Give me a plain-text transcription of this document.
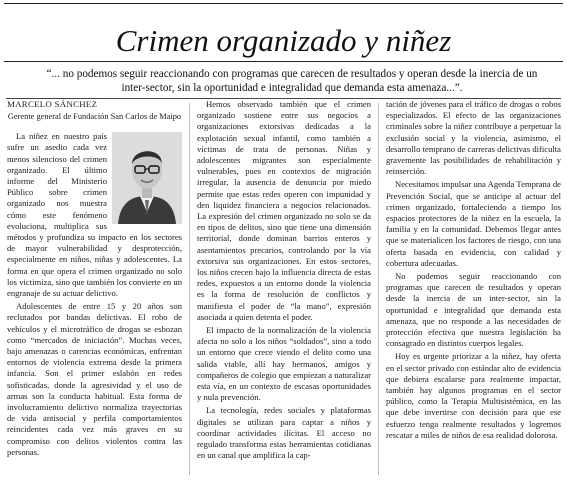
Crimen organizado y niñez
“... no podemos seguir reaccionando con programas que carecen de resultados y operan desde la inercia de un inter-sector, sin la oportunidad e integralidad que demanda esta amenaza...”.
MARCELO SÁNCHEZ
Gerente general de Fundación San Carlos de Maipo

La niñez en nuestro país sufre un asedio cada vez menos silencioso del crimen organizado. El último informe del Ministerio Público sobre crimen organizado nos muestra cómo este fenómeno evoluciona, multiplica sus métodos y profundiza su impacto en los sectores de mayor vulnerabilidad y desprotección, especialmente en niños, niñas y adolescentes. La forma en que opera el crimen organizado no solo los victimiza, sino que también los convierte en un engranaje de su actuar delictivo.

Adolescentes de entre 15 y 20 años son reclutados por bandas delictivas. El robo de vehículos y el microtráfico de drogas se esbozan como “mercados de iniciación”. Muchas veces, bajo amenazas o carencias económicas, enfrentan entornos de violencia extrema desde la primera infancia. Son el primer eslabón en redes sofisticadas, donde la agresividad y el uso de armas son la conducta habitual. Esta forma de involucramiento delictivo normaliza trayectorias de vida antisocial y perfila comportamientos reincidentes cada vez más graves en su compromiso con delitos violentos contra las personas.

Hemos observado también que el crimen organizado sostiene entre sus negocios a organizaciones extorsivas dedicadas a la explotación sexual infantil, como también a víctimas de trata de personas. Niñas y adolescentes migrantes son especialmente vulnerables, pues en contextos de migración irregular, la ausencia de denuncia por miedo permite que estas redes operen con impunidad y den liquidez financiera a negocios relacionados. La expresión del crimen organizado no solo se da en tipos de delitos, sino que tiene una dimensión territorial, donde dominan barrios enteros y asentamientos precarios, controlando por la vía extorsiva sus organizaciones. En estos sectores, los niños crecen bajo la influencia directa de estas redes, expuestos a un entorno donde la violencia es la forma de resolución de conflictos y manifiesta el poder de “la mano”, expresión asociada a quien detenta el poder.

El impacto de la normalización de la violencia afecta no solo a los niños “soldados”, sino a todo un entorno que crece viendo el delito como una salida viable, allí hay hermanos, amigos y compañeros de colegio que empiezan a naturalizar esta vía, en un contexto de escasas oportunidades y nula prevención.

La tecnología, redes sociales y plataformas digitales se utilizan para captar a niños y coordinar actividades ilícitas. El acceso no regulado transforma estas herramientas cotidianas en un canal que amplifica la cap-

tación de jóvenes para el tráfico de drogas o robos especializados. El efecto de las organizaciones criminales sobre la niñez contribuye a perpetuar la exclusión social y la violencia, asimismo, el desarrollo temprano de carreras delictivas dificulta gravemente las posibilidades de rehabilitación y reinserción.

Necesitamos impulsar una Agenda Temprana de Prevención Social, que se anticipe al actuar del crimen organizado, fortaleciendo a tiempo los espacios protectores de la niñez en la escuela, la familia y en la comunidad. Debemos llegar antes que se materialicen los factores de riesgo, con una oferta basada en evidencia, con calidad y cobertura adecuadas.

No podemos seguir reaccionando con programas que carecen de resultados y operan desde la inercia de un inter-sector, sin la oportunidad e integralidad que demanda esta amenaza, que no responde a las necesidades de protección efectiva que nuestra legislación ha consagrado en distintos cuerpos legales.

Hoy es urgente priorizar a la niñez, hay oferta en el sector privado con estándar alto de evidencia que debiera escalarse para realmente impactar, también hay algunos programas en el sector público, como la Terapia Multisistémica, en las que debe invertirse con decisión para que ese esfuerzo tenga realmente resultados y logremos rescatar a miles de niños de esa realidad dolorosa.
